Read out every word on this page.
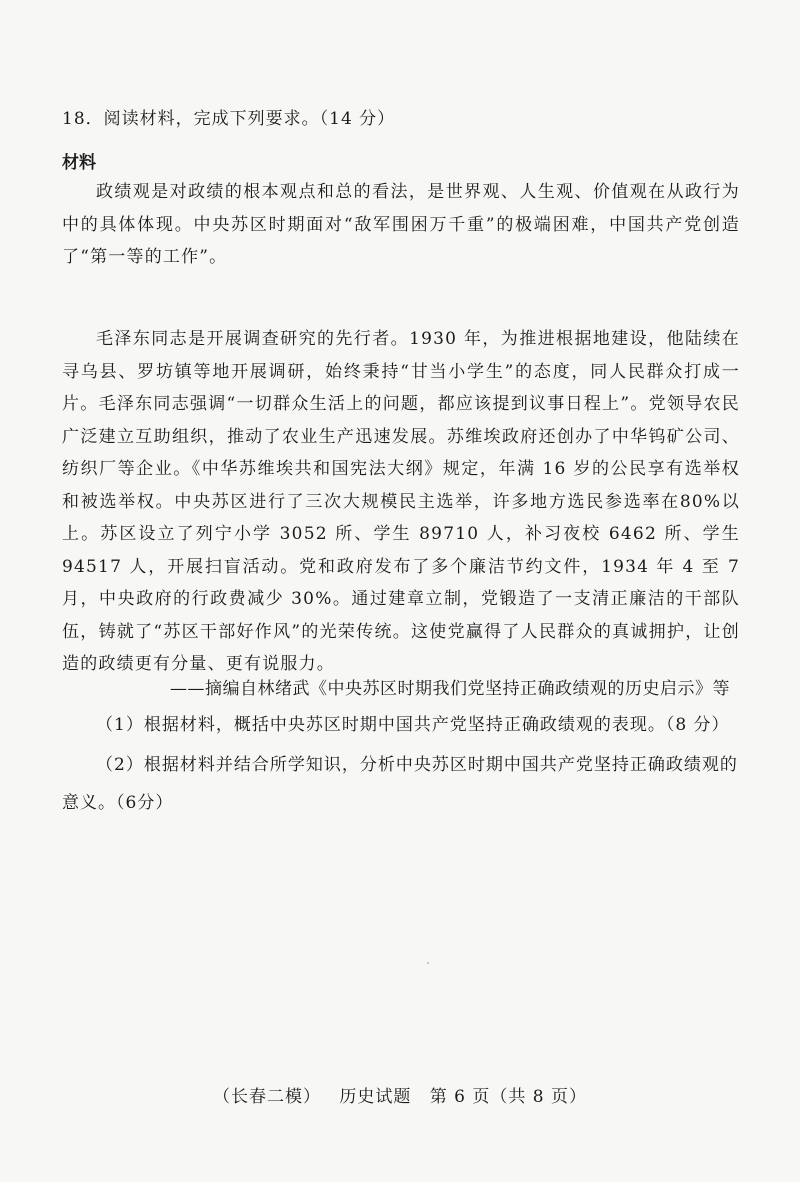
18．阅读材料，完成下列要求。（14 分）
材料

政绩观是对政绩的根本观点和总的看法，是世界观、人生观、价值观在从政行为中的具体体现。中央苏区时期面对“敌军围困万千重”的极端困难，中国共产党创造了“第一等的工作”。

毛泽东同志是开展调查研究的先行者。1930 年，为推进根据地建设，他陆续在寻乌县、罗坊镇等地开展调研，始终秉持“甘当小学生”的态度，同人民群众打成一片。毛泽东同志强调“一切群众生活上的问题，都应该提到议事日程上”。党领导农民广泛建立互助组织，推动了农业生产迅速发展。苏维埃政府还创办了中华钨矿公司、纺织厂等企业。《中华苏维埃共和国宪法大纲》规定，年满 16 岁的公民享有选举权和被选举权。中央苏区进行了三次大规模民主选举，许多地方选民参选率在80%以上。苏区设立了列宁小学 3052 所、学生 89710 人，补习夜校 6462 所、学生 94517 人，开展扫盲活动。党和政府发布了多个廉洁节约文件，1934 年 4 至 7 月，中央政府的行政费减少 30%。通过建章立制，党锻造了一支清正廉洁的干部队伍，铸就了“苏区干部好作风”的光荣传统。这使党赢得了人民群众的真诚拥护，让创造的政绩更有分量、更有说服力。

——摘编自林绪武《中央苏区时期我们党坚持正确政绩观的历史启示》等

（1）根据材料，概括中央苏区时期中国共产党坚持正确政绩观的表现。（8 分）

（2）根据材料并结合所学知识，分析中央苏区时期中国共产党坚持正确政绩观的意义。（6分）

（长春二模） 历史试题 第 6 页（共 8 页）
